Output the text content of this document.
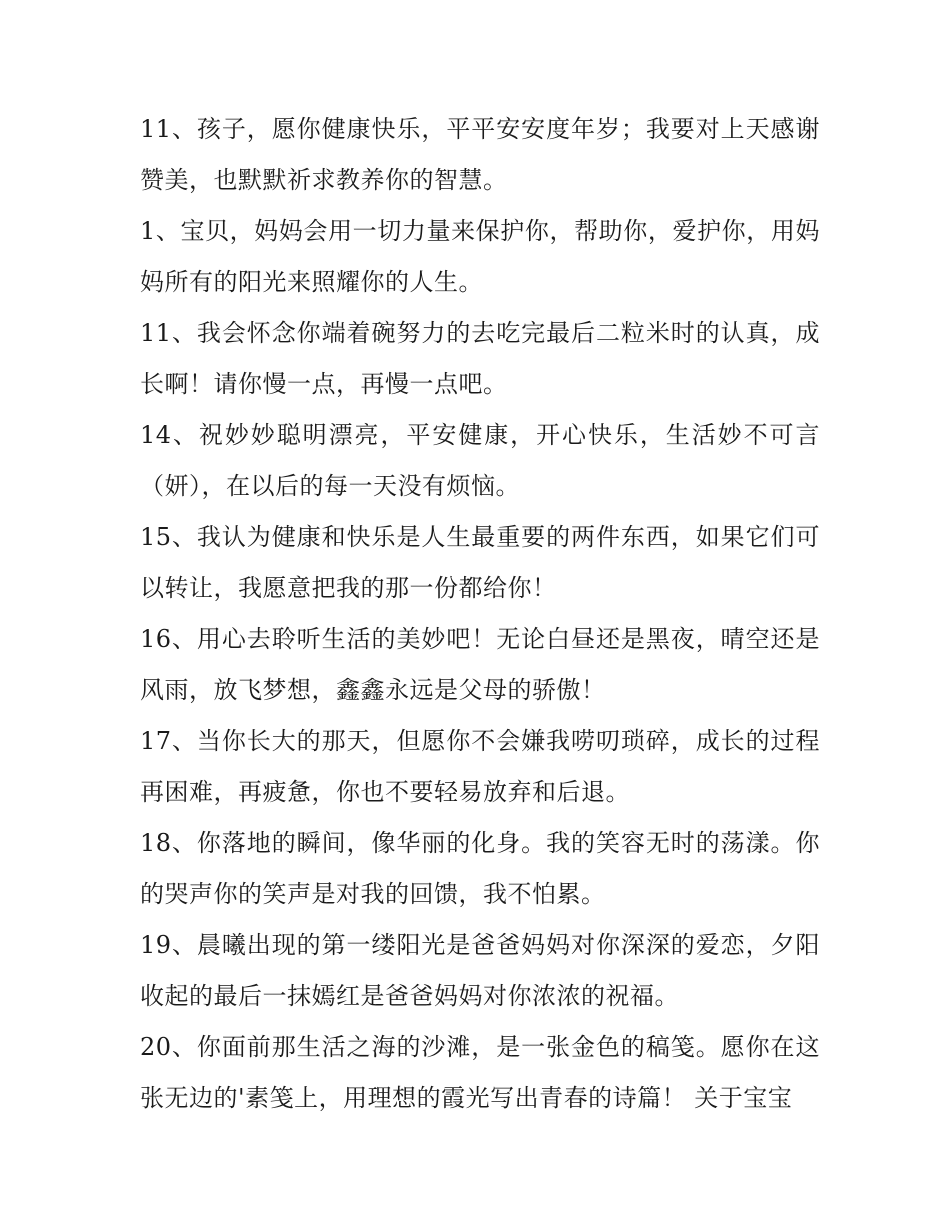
11、孩子，愿你健康快乐，平平安安度年岁；我要对上天感谢赞美，也默默祈求教养你的智慧。

1、宝贝，妈妈会用一切力量来保护你，帮助你，爱护你，用妈妈所有的阳光来照耀你的人生。

11、我会怀念你端着碗努力的去吃完最后二粒米时的认真，成长啊！请你慢一点，再慢一点吧。

14、祝妙妙聪明漂亮，平安健康，开心快乐，生活妙不可言（妍），在以后的每一天没有烦恼。

15、我认为健康和快乐是人生最重要的两件东西，如果它们可以转让，我愿意把我的那一份都给你！

16、用心去聆听生活的美妙吧！无论白昼还是黑夜，晴空还是风雨，放飞梦想，鑫鑫永远是父母的骄傲！

17、当你长大的那天，但愿你不会嫌我唠叨琐碎，成长的过程再困难，再疲惫，你也不要轻易放弃和后退。

18、你落地的瞬间，像华丽的化身。我的笑容无时的荡漾。你的哭声你的笑声是对我的回馈，我不怕累。

19、晨曦出现的第一缕阳光是爸爸妈妈对你深深的爱恋，夕阳收起的最后一抹嫣红是爸爸妈妈对你浓浓的祝福。

20、你面前那生活之海的沙滩，是一张金色的稿笺。愿你在这张无边的'素笺上，用理想的霞光写出青春的诗篇！ 关于宝宝
